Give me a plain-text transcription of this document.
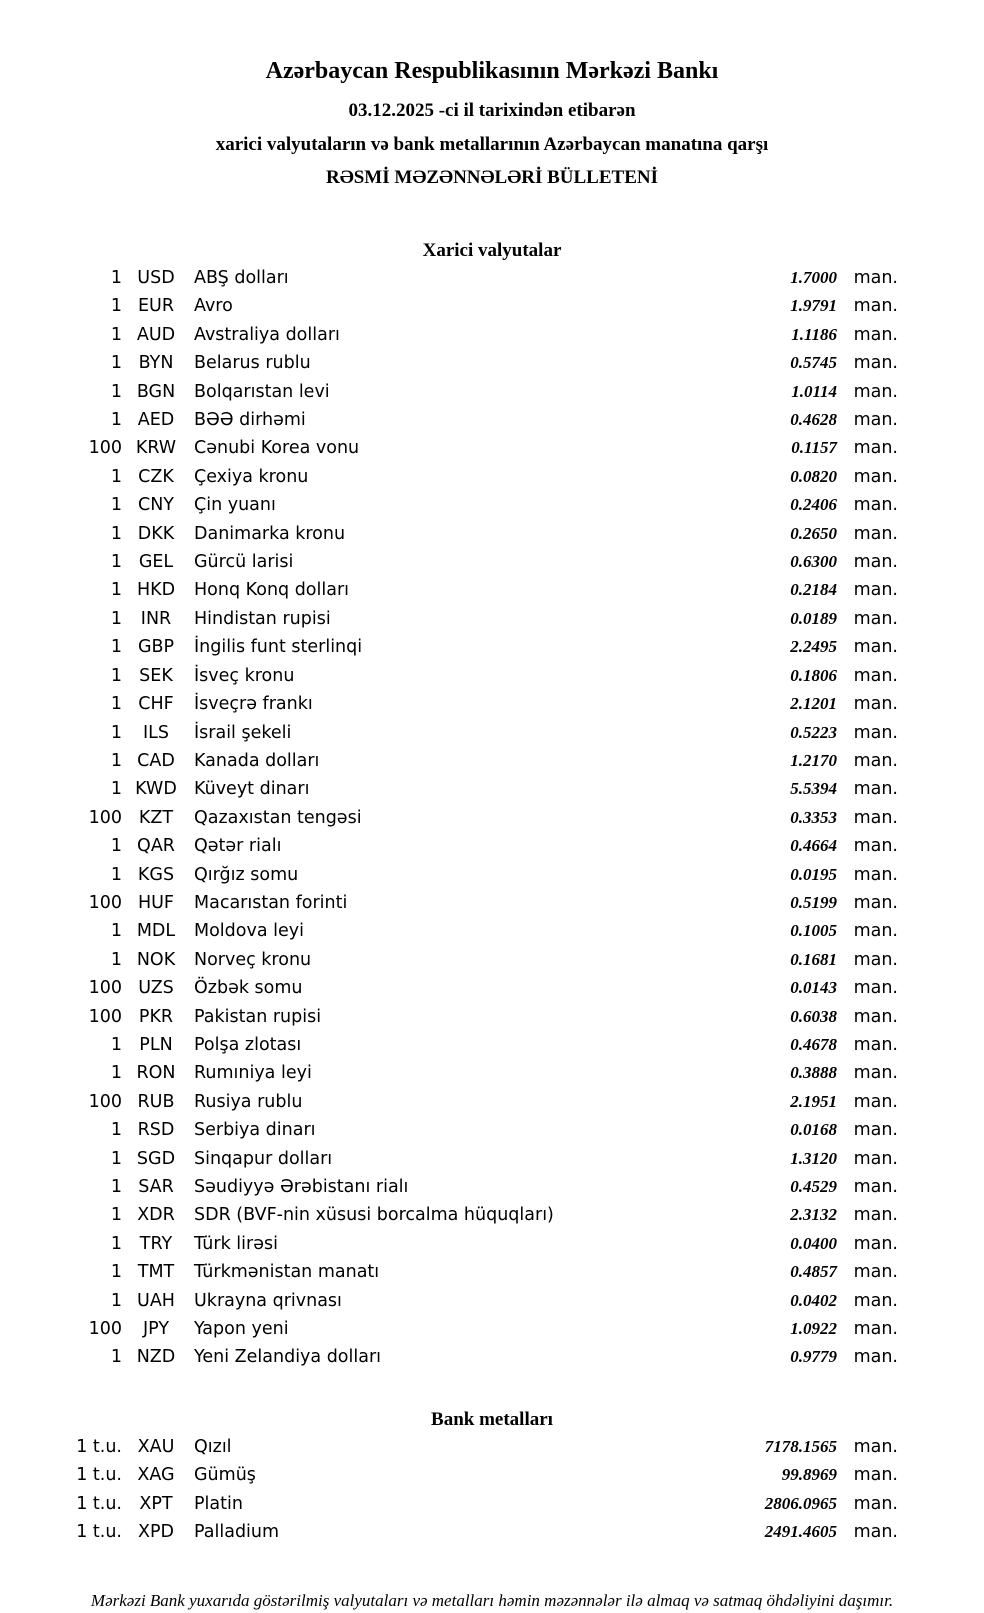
Azərbaycan Respublikasının Mərkəzi Bankı
03.12.2025 -ci il tarixindən etibarən
xarici valyutaların və bank metallarının Azərbaycan manatına qarşı
RƏSMİ MƏZƏNNƏLƏRİ BÜLLETENİ
Xarici valyutalar
1 USD	ABŞ dolları	1.7000 man.
1 EUR	Avro	1.9791 man.
1 AUD	Avstraliya dolları	1.1186 man.
1 BYN	Belarus rublu	0.5745 man.
1 BGN	Bolqarıstan levi	1.0114 man.
1 AED	BƏƏ dirhəmi	0.4628 man.
100 KRW	Cənubi Korea vonu	0.1157 man.
1 CZK	Çexiya kronu	0.0820 man.
1 CNY	Çin yuanı	0.2406 man.
1 DKK	Danimarka kronu	0.2650 man.
1 GEL	Gürcü larisi	0.6300 man.
1 HKD	Honq Konq dolları	0.2184 man.
1	INR	Hindistan rupisi	0.0189 man.
1 GBP	İngilis funt sterlinqi	2.2495 man.
1 SEK	İsveç kronu	0.1806 man.
1 CHF	İsveçrə frankı	2.1201 man.
1	ILS	İsrail şekeli	0.5223 man.
1 CAD	Kanada dolları	1.2170 man.
1 KWD Küveyt dinarı	5.5394 man.
100 KZT	Qazaxıstan tengəsi	0.3353 man.
1 QAR	Qətər rialı	0.4664 man.
1 KGS	Qırğız somu	0.0195 man.
100 HUF	Macarıstan forinti	0.5199 man.
1 MDL	Moldova leyi	0.1005 man.
1 NOK	Norveç kronu	0.1681 man.
100 UZS	Özbək somu	0.0143 man.
100 PKR	Pakistan rupisi	0.6038 man.
1 PLN	Polşa zlotası	0.4678 man.
1 RON	Rumıniya leyi	0.3888 man.
100 RUB	Rusiya rublu	2.1951 man.
1 RSD	Serbiya dinarı	0.0168 man.
1 SGD	Sinqapur dolları	1.3120 man.
1 SAR	Səudiyyə Ərəbistanı rialı	0.4529 man.
1 XDR	SDR (BVF-nin xüsusi borcalma hüquqları)	2.3132 man.
1	TRY	Türk lirəsi	0.0400 man.
1 TMT	Türkmənistan manatı	0.4857 man.
1 UAH	Ukrayna qrivnası	0.0402 man.
100	JPY	Yapon yeni	1.0922 man.
1 NZD	Yeni Zelandiya dolları	0.9779 man.
Bank metalları
1 t.u. XAU	Qızıl	7178.1565 man.
1 t.u. XAG	Gümüş	99.8969 man.
1 t.u. XPT	Platin	2806.0965 man.
1 t.u. XPD	Palladium	2491.4605 man.
Mərkəzi Bank yuxarıda göstərilmiş valyutaları və metalları həmin məzənnələr ilə almaq və satmaq öhdəliyini daşımır.
